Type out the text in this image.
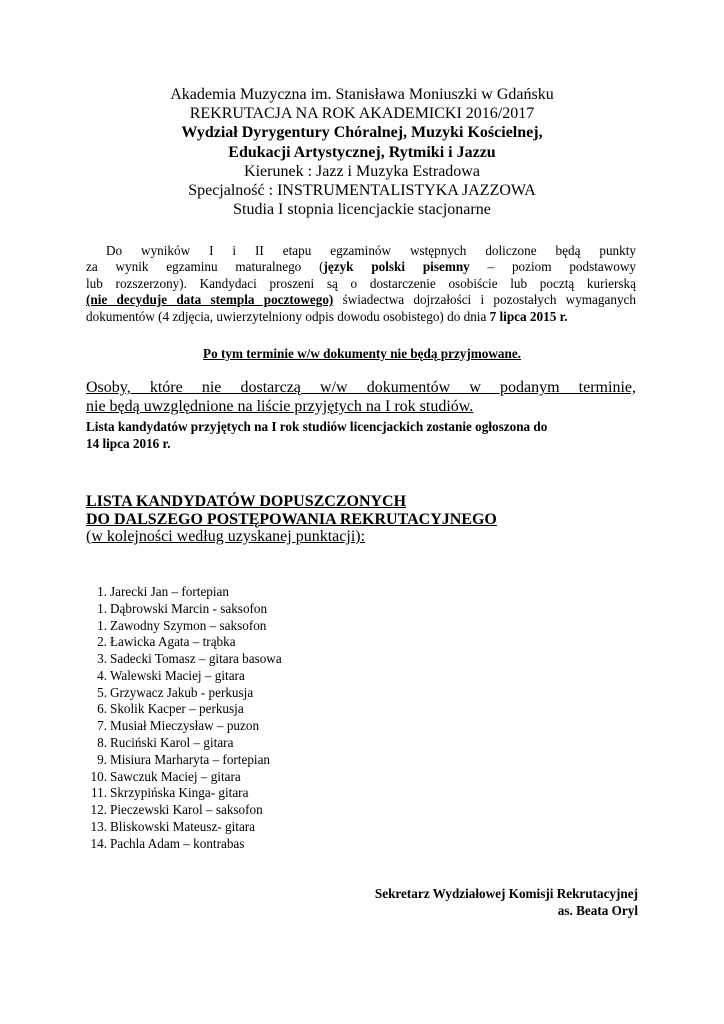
Akademia Muzyczna im. Stanisława Moniuszki w Gdańsku
REKRUTACJA NA ROK AKADEMICKI 2016/2017
Wydział Dyrygentury Chóralnej, Muzyki Kościelnej,
Edukacji Artystycznej, Rytmiki i Jazzu
Kierunek : Jazz i Muzyka Estradowa
Specjalność : INSTRUMENTALISTYKA JAZZOWA
Studia I stopnia licencjackie stacjonarne
Do wyników I i II etapu egzaminów wstępnych doliczone będą punkty
za wynik egzaminu maturalnego (język polski pisemny – poziom podstawowy
lub rozszerzony). Kandydaci proszeni są o dostarczenie osobiście lub pocztą kurierską
(nie decyduje data stempla pocztowego) świadectwa dojrzałości i pozostałych wymaganych
dokumentów (4 zdjęcia, uwierzytelniony odpis dowodu osobistego) do dnia 7 lipca 2015 r.
Po tym terminie w/w dokumenty nie będą przyjmowane.
Osoby, które nie dostarczą w/w dokumentów w podanym terminie,
nie będą uwzględnione na liście przyjętych na I rok studiów.
Lista kandydatów przyjętych na I rok studiów licencjackich zostanie ogłoszona do
14 lipca 2016 r.
LISTA KANDYDATÓW DOPUSZCZONYCH
DO DALSZEGO POSTĘPOWANIA REKRUTACYJNEGO
(w kolejności według uzyskanej punktacji):
1. Jarecki Jan – fortepian
1. Dąbrowski Marcin - saksofon
1. Zawodny Szymon – saksofon
2. Ławicka Agata – trąbka
3. Sadecki Tomasz – gitara basowa
4. Walewski Maciej – gitara
5. Grzywacz Jakub - perkusja
6. Skolik Kacper – perkusja
7. Musiał Mieczysław – puzon
8. Ruciński Karol – gitara
9. Misiura Marharyta – fortepian
10. Sawczuk Maciej – gitara
11. Skrzypińska Kinga- gitara
12. Pieczewski Karol – saksofon
13. Bliskowski Mateusz- gitara
14. Pachla Adam – kontrabas
Sekretarz Wydziałowej Komisji Rekrutacyjnej
as. Beata Oryl
